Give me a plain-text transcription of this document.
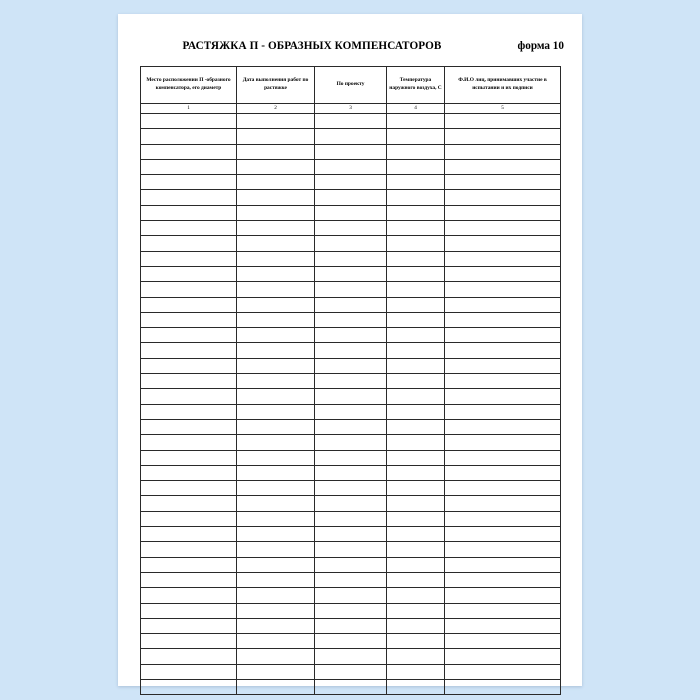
РАСТЯЖКА П - ОБРАЗНЫХ КОМПЕНСАТОРОВ	форма 10
Место расположении П -образного компенсатора, его диаметр	Дата выполнения работ по растяжке	По проекту	Температура наружного воздуха, С	Ф.И.О лиц, принимавших участие в испытании и их подписи
1	2	3	4	5
